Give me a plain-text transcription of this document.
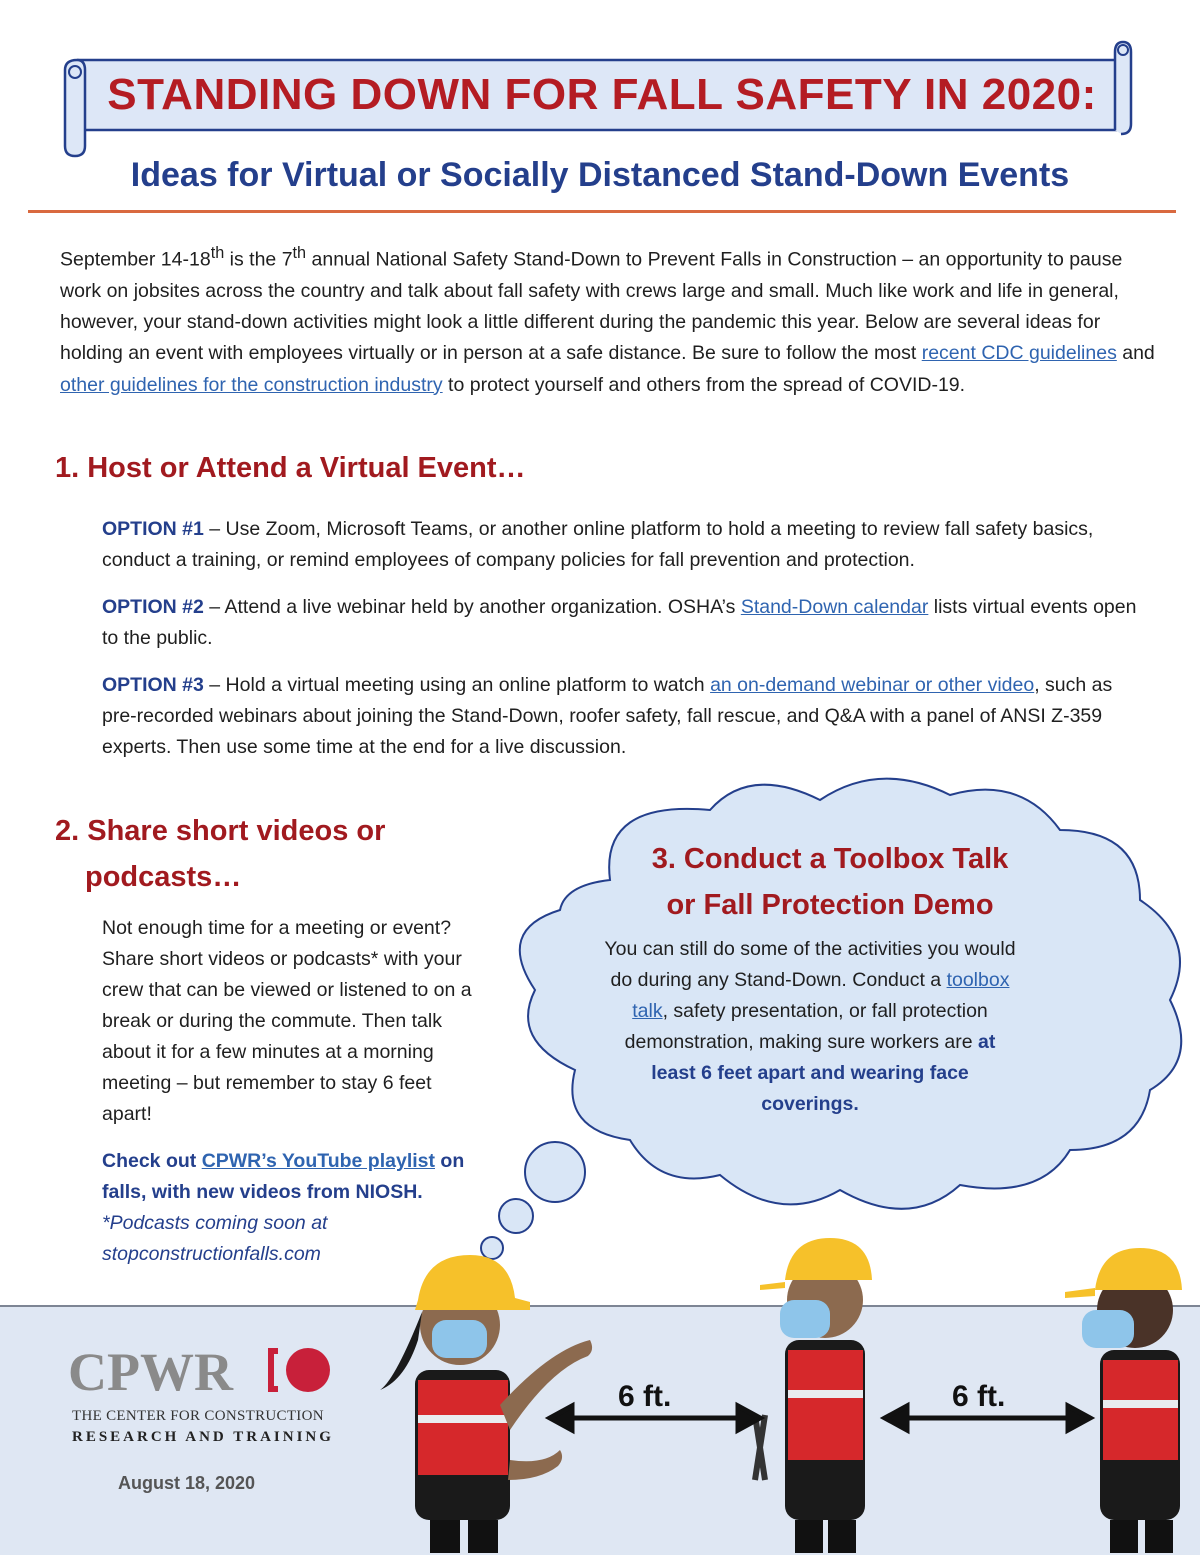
STANDING DOWN FOR FALL SAFETY IN 2020:
Ideas for Virtual or Socially Distanced Stand-Down Events
September 14-18th is the 7th annual National Safety Stand-Down to Prevent Falls in Construction – an opportunity to pause work on jobsites across the country and talk about fall safety with crews large and small. Much like work and life in general, however, your stand-down activities might look a little different during the pandemic this year. Below are several ideas for holding an event with employees virtually or in person at a safe distance. Be sure to follow the most recent CDC guidelines and other guidelines for the construction industry to protect yourself and others from the spread of COVID-19.
1. Host or Attend a Virtual Event…
OPTION #1 – Use Zoom, Microsoft Teams, or another online platform to hold a meeting to review fall safety basics, conduct a training, or remind employees of company policies for fall prevention and protection.
OPTION #2 – Attend a live webinar held by another organization. OSHA’s Stand-Down calendar lists virtual events open to the public.
OPTION #3 – Hold a virtual meeting using an online platform to watch an on-demand webinar or other video, such as pre-recorded webinars about joining the Stand-Down, roofer safety, fall rescue, and Q&A with a panel of ANSI Z-359 experts. Then use some time at the end for a live discussion.
2. Share short videos or
podcasts…
Not enough time for a meeting or event? Share short videos or podcasts* with your crew that can be viewed or listened to on a break or during the commute. Then talk about it for a few minutes at a morning meeting – but remember to stay 6 feet apart!
Check out CPWR’s YouTube playlist on falls, with new videos from NIOSH.
*Podcasts coming soon at stopconstructionfalls.com
3. Conduct a Toolbox Talk
or Fall Protection Demo
You can still do some of the activities you would do during any Stand-Down. Conduct a toolbox talk, safety presentation, or fall protection demonstration, making sure workers are at least 6 feet apart and wearing face coverings.
CPWR
THE CENTER FOR CONSTRUCTION
RESEARCH AND TRAINING
August 18, 2020
6 ft.	6 ft.
